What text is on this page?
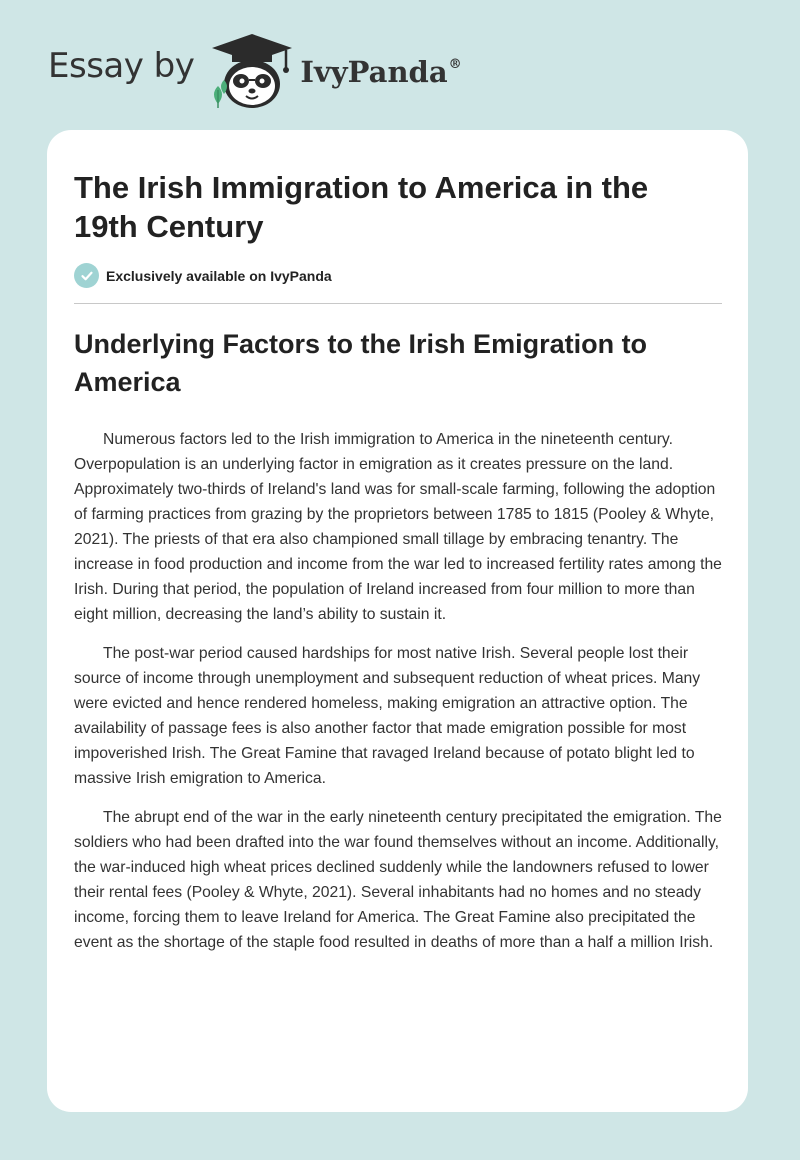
Essay by	IvyPanda®
The Irish Immigration to America in the 19th Century
Exclusively available on IvyPanda
Underlying Factors to the Irish Emigration to America

Numerous factors led to the Irish immigration to America in the nineteenth century. Overpopulation is an underlying factor in emigration as it creates pressure on the land. Approximately two-thirds of Ireland's land was for small-scale farming, following the adoption of farming practices from grazing by the proprietors between 1785 to 1815 (Pooley & Whyte, 2021). The priests of that era also championed small tillage by embracing tenantry. The increase in food production and income from the war led to increased fertility rates among the Irish. During that period, the population of Ireland increased from four million to more than eight million, decreasing the land’s ability to sustain it.

The post-war period caused hardships for most native Irish. Several people lost their source of income through unemployment and subsequent reduction of wheat prices. Many were evicted and hence rendered homeless, making emigration an attractive option. The availability of passage fees is also another factor that made emigration possible for most impoverished Irish. The Great Famine that ravaged Ireland because of potato blight led to massive Irish emigration to America.

The abrupt end of the war in the early nineteenth century precipitated the emigration. The soldiers who had been drafted into the war found themselves without an income. Additionally, the war-induced high wheat prices declined suddenly while the landowners refused to lower their rental fees (Pooley & Whyte, 2021). Several inhabitants had no homes and no steady income, forcing them to leave Ireland for America. The Great Famine also precipitated the event as the shortage of the staple food resulted in deaths of more than a half a million Irish.
